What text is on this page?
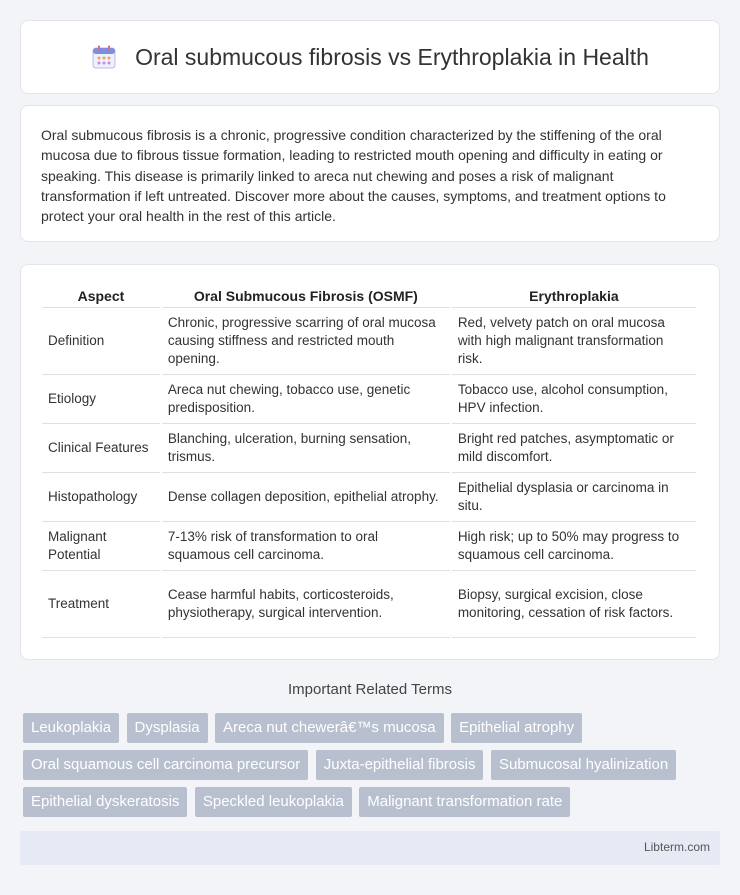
Oral submucous fibrosis vs Erythroplakia in Health

Oral submucous fibrosis is a chronic, progressive condition characterized by the stiffening of the oral mucosa due to fibrous tissue formation, leading to restricted mouth opening and difficulty in eating or speaking. This disease is primarily linked to areca nut chewing and poses a risk of malignant transformation if left untreated. Discover more about the causes, symptoms, and treatment options to protect your oral health in the rest of this article.

Aspect	Oral Submucous Fibrosis (OSMF)	Erythroplakia
Definition	Chronic, progressive scarring of oral mucosa causing stiffness and restricted mouth opening.	Red, velvety patch on oral mucosa with high malignant transformation risk.
Etiology	Areca nut chewing, tobacco use, genetic predisposition.	Tobacco use, alcohol consumption, HPV infection.
Clinical Features	Blanching, ulceration, burning sensation, trismus.	Bright red patches, asymptomatic or mild discomfort.
Histopathology	Dense collagen deposition, epithelial atrophy.	Epithelial dysplasia or carcinoma in situ.
Malignant Potential	7-13% risk of transformation to oral squamous cell carcinoma.	High risk; up to 50% may progress to squamous cell carcinoma.
Treatment	Cease harmful habits, corticosteroids, physiotherapy, surgical intervention.	Biopsy, surgical excision, close monitoring, cessation of risk factors.
Important Related Terms
Leukoplakia Dysplasia Areca nut chewerâ€™s mucosa Epithelial atrophy
Oral squamous cell carcinoma precursor Juxta-epithelial fibrosis Submucosal hyalinization
Epithelial dyskeratosis Speckled leukoplakia Malignant transformation rate
Libterm.com
